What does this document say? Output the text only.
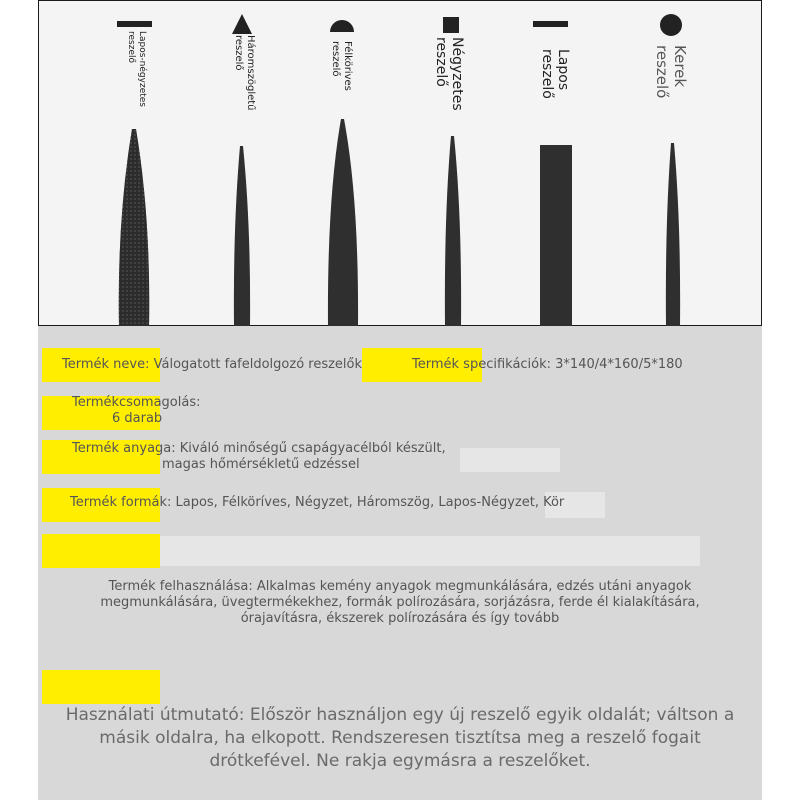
Lapos-négyzetes
reszelő	Háromszögletű
reszelő	Félkörives
reszelő	Négyzetes
reszelő	Lapos
reszelő	Kerek
reszelő
Termék neve: Válogatott fafeldolgozó reszelők	Termék specifikációk: 3*140/4*160/5*180
Termékcsomagolás:
6 darab
Termék anyaga: Kiváló minőségű csapágyacélból készült,
magas hőmérsékletű edzéssel
Termék formák: Lapos, Félköríves, Négyzet, Háromszög, Lapos-Négyzet, Kör
Termék felhasználása: Alkalmas kemény anyagok megmunkálására, edzés utáni anyagok
megmunkálására, üvegtermékekhez, formák polírozására, sorjázásra, ferde él kialakítására,
órajavításra, ékszerek polírozására és így tovább
Használati útmutató: Először használjon egy új reszelő egyik oldalát; váltson a
másik oldalra, ha elkopott. Rendszeresen tisztítsa meg a reszelő fogait
drótkefével. Ne rakja egymásra a reszelőket.
